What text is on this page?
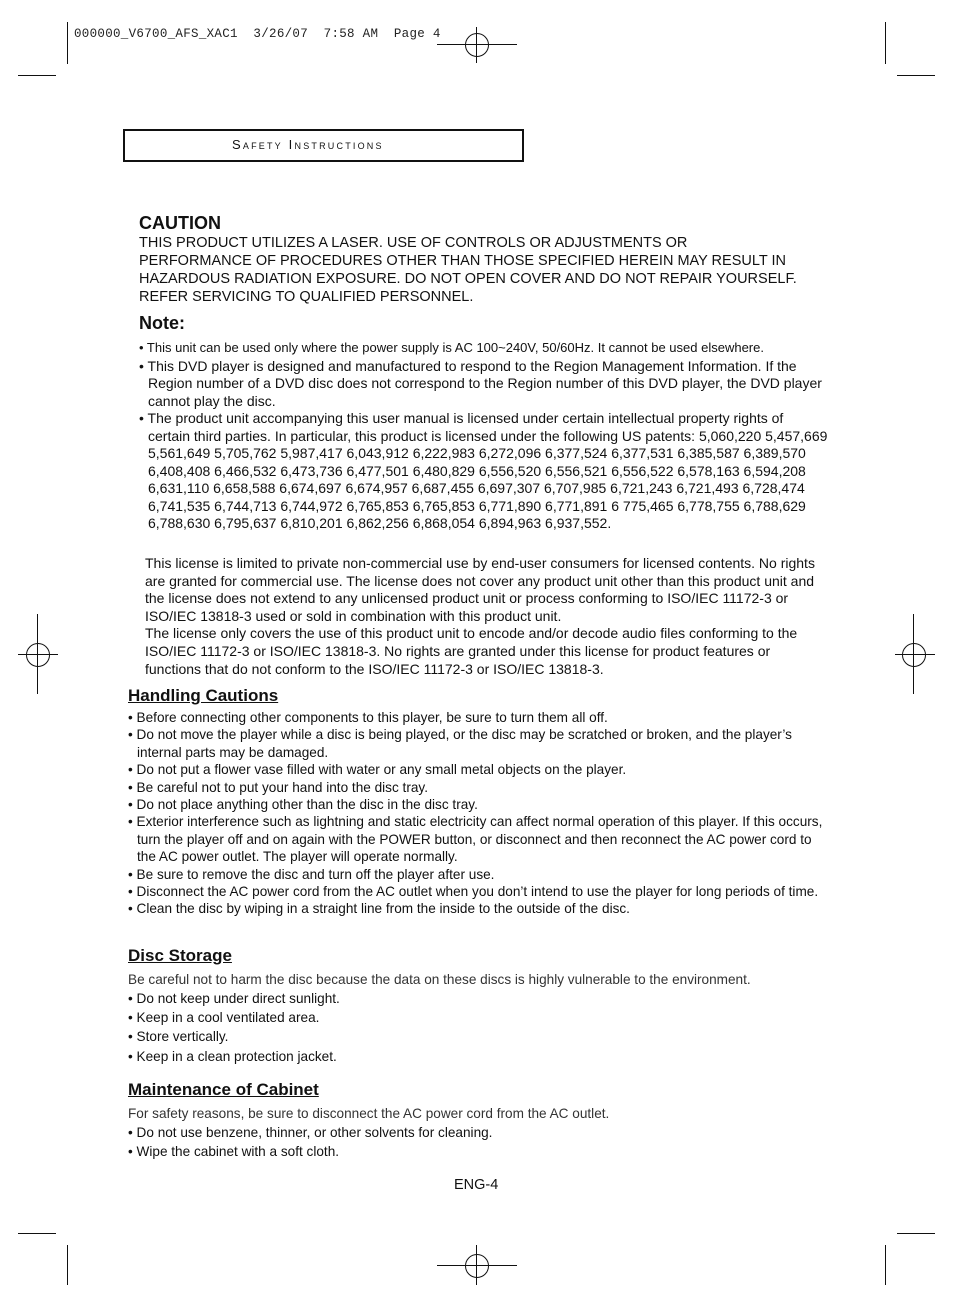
000000_V6700_AFS_XAC1  3/26/07  7:58 AM  Page 4
Safety Instructions
CAUTION
THIS PRODUCT UTILIZES A LASER. USE OF CONTROLS OR ADJUSTMENTS OR
PERFORMANCE OF PROCEDURES OTHER THAN THOSE SPECIFIED HEREIN MAY RESULT IN
HAZARDOUS RADIATION EXPOSURE. DO NOT OPEN COVER AND DO NOT REPAIR YOURSELF.
REFER SERVICING TO QUALIFIED PERSONNEL.
Note:
• This unit can be used only where the power supply is AC 100~240V, 50/60Hz. It cannot be used elsewhere.
• This DVD player is designed and manufactured to respond to the Region Management Information. If the Region number of a DVD disc does not correspond to the Region number of this DVD player, the DVD player cannot play the disc.
• The product unit accompanying this user manual is licensed under certain intellectual property rights of certain third parties. In particular, this product is licensed under the following US patents: 5,060,220 5,457,669 5,561,649 5,705,762 5,987,417 6,043,912 6,222,983 6,272,096 6,377,524 6,377,531 6,385,587 6,389,570 6,408,408 6,466,532 6,473,736 6,477,501 6,480,829 6,556,520 6,556,521 6,556,522 6,578,163 6,594,208 6,631,110 6,658,588 6,674,697 6,674,957 6,687,455 6,697,307 6,707,985 6,721,243 6,721,493 6,728,474 6,741,535 6,744,713 6,744,972 6,765,853 6,765,853 6,771,890 6,771,891 6 775,465 6,778,755 6,788,629 6,788,630 6,795,637 6,810,201 6,862,256 6,868,054 6,894,963 6,937,552.
This license is limited to private non-commercial use by end-user consumers for licensed contents. No rights are granted for commercial use. The license does not cover any product unit other than this product unit and the license does not extend to any unlicensed product unit or process conforming to ISO/IEC 11172-3 or ISO/IEC 13818-3 used or sold in combination with this product unit.
The license only covers the use of this product unit to encode and/or decode audio files conforming to the ISO/IEC 11172-3 or ISO/IEC 13818-3. No rights are granted under this license for product features or functions that do not conform to the ISO/IEC 11172-3 or ISO/IEC 13818-3.
Handling Cautions
• Before connecting other components to this player, be sure to turn them all off.
• Do not move the player while a disc is being played, or the disc may be scratched or broken, and the player’s internal parts may be damaged.
• Do not put a flower vase filled with water or any small metal objects on the player.
• Be careful not to put your hand into the disc tray.
• Do not place anything other than the disc in the disc tray.
• Exterior interference such as lightning and static electricity can affect normal operation of this player. If this occurs, turn the player off and on again with the POWER button, or disconnect and then reconnect the AC power cord to the AC power outlet. The player will operate normally.
• Be sure to remove the disc and turn off the player after use.
• Disconnect the AC power cord from the AC outlet when you don’t intend to use the player for long periods of time.
• Clean the disc by wiping in a straight line from the inside to the outside of the disc.
Disc Storage
Be careful not to harm the disc because the data on these discs is highly vulnerable to the environment.
• Do not keep under direct sunlight.
• Keep in a cool ventilated area.
• Store vertically.
• Keep in a clean protection jacket.
Maintenance of Cabinet
For safety reasons, be sure to disconnect the AC power cord from the AC outlet.
• Do not use benzene, thinner, or other solvents for cleaning.
• Wipe the cabinet with a soft cloth.
ENG-4
